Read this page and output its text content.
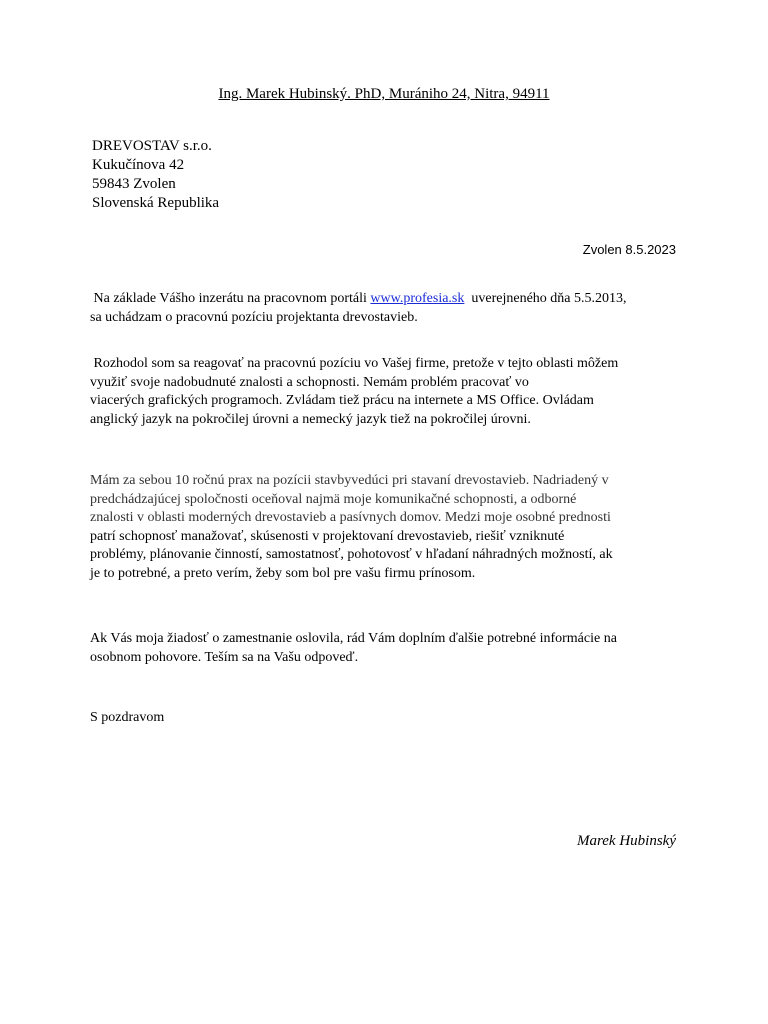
Ing. Marek Hubinský. PhD, Muránіho 24, Nitra, 94911

DREVOSTAV s.r.o.
Kukučínova 42
59843 Zvolen
Slovenská Republika

Zvolen 8.5.2023

Na základe Vášho inzerátu na pracovnom portáli www.profesia.sk uverejneného dňa 5.5.2013,
sa uchádzam o pracovnú pozíciu projektanta drevostavieb.
Rozhodol som sa reagovať na pracovnú pozíciu vo Vašej firme, pretože v tejto oblasti môžem
využiť svoje nadobudnuté znalosti a schopnosti. Nemám problém pracovať vo
viacerých grafických programoch. Zvládam tiež prácu na internete a MS Office. Ovládam
anglický jazyk na pokročilej úrovni a nemecký jazyk tiež na pokročilej úrovni.
Mám za sebou 10 ročnú prax na pozícii stavbyvedúci pri stavaní drevostavieb. Nadriadený v
predchádzajúcej spoločnosti oceňoval najmä moje komunikačné schopnosti, a odborné
znalosti v oblasti moderných drevostavieb a pasívnych domov. Medzi moje osobné prednosti
patrí schopnosť manažovať, skúsenosti v projektovaní drevostavieb, riešiť vzniknuté
problémy, plánovanie činností, samostatnosť, pohotovosť v hľadaní náhradných možností, ak
je to potrebné, a preto verím, žeby som bol pre vašu firmu prínosom.
Ak Vás moja žiadosť o zamestnanie oslovila, rád Vám doplním ďalšie potrebné informácie na
osobnom pohovore. Teším sa na Vašu odpoveď.

S pozdravom

Marek Hubinský
